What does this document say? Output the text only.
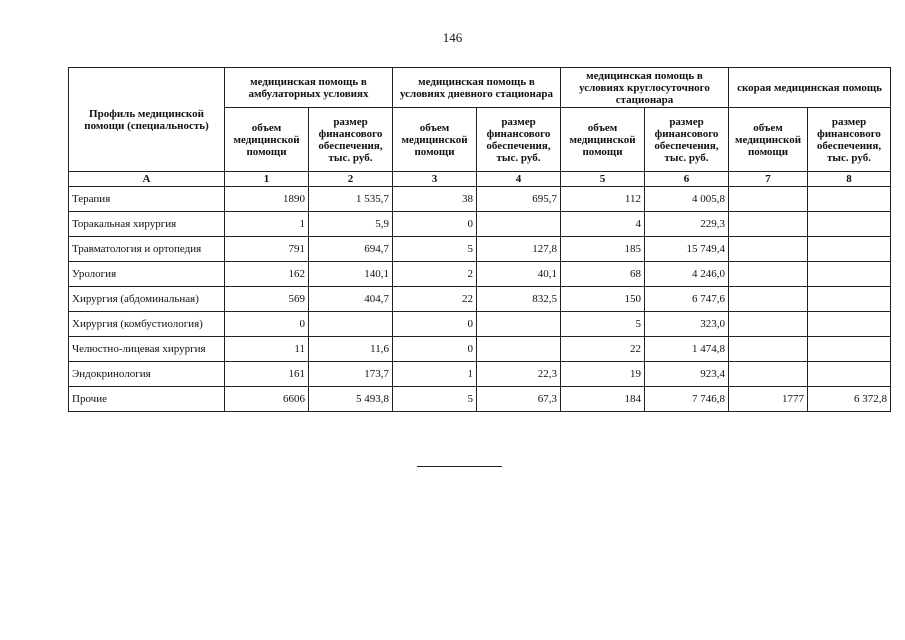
146
Профиль медицинской помощи (специальность)	медицинская помощь в амбулаторных условиях		медицинская помощь в условиях дневного стационара		медицинская помощь в условиях круглосуточного стационара		скорая медицинская помощь	
	объем медицинской помощи	размер финансового обеспечения, тыс. руб.	объем медицинской помощи	размер финансового обеспечения, тыс. руб.	объем медицинской помощи	размер финансового обеспечения, тыс. руб.	объем медицинской помощи	размер финансового обеспечения, тыс. руб.
А	1	2	3	4	5	6	7	8
Терапия	1890	1 535,7	38	695,7	112	4 005,8		
Торакальная хирургия	1	5,9	0		4	229,3		
Травматология и ортопедия	791	694,7	5	127,8	185	15 749,4		
Урология	162	140,1	2	40,1	68	4 246,0		
Хирургия (абдоминальная)	569	404,7	22	832,5	150	6 747,6		
Хирургия (комбустиология)	0		0		5	323,0		
Челюстно-лицевая хирургия	11	11,6	0		22	1 474,8		
Эндокринология	161	173,7	1	22,3	19	923,4		
Прочие	6606	5 493,8	5	67,3	184	7 746,8	1777	6 372,8
